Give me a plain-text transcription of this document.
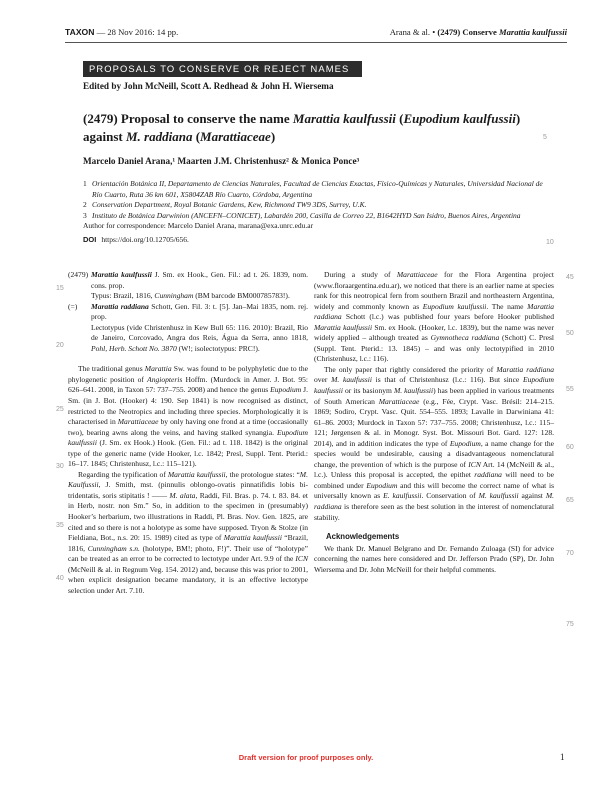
TAXON — 28 Nov 2016: 14 pp.	Arana & al. • (2479) Conserve Marattia kaulfussii
PROPOSALS TO CONSERVE OR REJECT NAMES
Edited by John McNeill, Scott A. Redhead & John H. Wiersema
(2479) Proposal to conserve the name Marattia kaulfussii (Eupodium kaulfussii)
against M. raddiana (Marattiaceae)	5
Marcelo Daniel Arana,¹ Maarten J.M. Christenhusz² & Monica Ponce³
1 Orientación Botánica II, Departamento de Ciencias Naturales, Facultad de Ciencias Exactas, Físico-Químicas y Naturales, Universidad Nacional de Río Cuarto, Ruta 36 km 601, X5804ZAB Río Cuarto, Córdoba, Argentina
2 Conservation Department, Royal Botanic Gardens, Kew, Richmond TW9 3DS, Surrey, U.K.
3 Instituto de Botánica Darwinion (ANCEFN–CONICET), Labardén 200, Casilla de Correo 22, B1642HYD San Isidro, Buenos Aires, Argentina
Author for correspondence: Marcelo Daniel Arana, marana@exa.unrc.edu.ar
DOI https://doi.org/10.12705/656.	10
15
20
25
30
35
40
45
50
55
60
65
70
75
(2479) Marattia kaulfussii J. Sm. ex Hook., Gen. Fil.: ad t. 26. 1839, nom. cons. prop.
Typus: Brazil, 1816, Cunningham (BM barcode BM000785783!).
(=) Marattia raddiana Schott, Gen. Fil. 3: t. [5]. Jan–Mai 1835, nom. rej. prop.
Lectotypus (vide Christenhusz in Kew Bull 65: 116. 2010): Brazil, Rio de Janeiro, Corcovado, Angra dos Reis, Água da Serra, anno 1818, Pohl, Herb. Schott No. 3870 (W!; isolectotypus: PRC!).
The traditional genus Marattia Sw. was found to be polyphyletic due to the phylogenetic position of Angiopteris Hoffm. (Murdock in Amer. J. Bot. 95: 626–641. 2008, in Taxon 57: 737–755. 2008) and hence the genus Eupodium J. Sm. (in J. Bot. (Hooker) 4: 190. Sep 1841) is now recognised as distinct, restricted to the Neotropics and including three species. Morphologically it is characterised in Marattiaceae by only having one frond at a time (occasionally two), bearing awns along the veins, and having stalked synangia. Eupodium kaulfussii (J. Sm. ex Hook.) Hook. (Gen. Fil.: ad t. 118. 1842) is the original type of the generic name (vide Hooker, l.c. 1842; Presl, Suppl. Tent. Pterid.: 16–17. 1845; Christenhusz, l.c.: 115–121).
Regarding the typification of Marattia kaulfussii, the protologue states: “M. Kaulfussii, J. Smith, mst. (pinnulis oblongo-ovatis pinnatifidis lobis bi-tridentatis, soris stipitatis ! —— M. alata, Raddi, Fil. Bras. p. 74. t. 83. 84. et in Herb, nostr. non Sm.” So, in addition to the specimen in (presumably) Hooker’s herbarium, two illustrations in Raddi, Pl. Bras. Nov. Gen. 1825, are cited and so there is not a holotype as some have supposed. Tryon & Stolze (in Fieldiana, Bot., n.s. 20: 15. 1989) cited as type of Marattia kaulfussii “Brazil, 1816, Cunningham s.n. (holotype, BM!; photo, F!)”. Their use of “holotype” can be treated as an error to be corrected to lectotype under Art. 9.9 of the ICN (McNeill & al. in Regnum Veg. 154. 2012) and, because this was prior to 2001, when explicit designation became mandatory, it is an effective lectotype selection under Art. 7.10.
During a study of Marattiaceae for the Flora Argentina project (www.floraargentina.edu.ar), we noticed that there is an earlier name at species rank for this neotropical fern from southern Brazil and northeastern Argentina, widely and commonly known as Eupodium kaulfussii. The name Marattia raddiana Schott (l.c.) was published four years before Hooker published Marattia kaulfussii Sm. ex Hook. (Hooker, l.c. 1839), but the name was never widely applied – although treated as Gymnotheca raddiana (Schott) C. Presl (Suppl. Tent. Pterid.: 13. 1845) – and was only lectotypified in 2010 (Christenhusz, l.c.: 116).
The only paper that rightly considered the priority of Marattia raddiana over M. kaulfussii is that of Christenhusz (l.c.: 116). But since Eupodium kaulfussii or its basionym M. kaulfussii) has been applied in various treatments of South American Marattiaceae (e.g., Fée, Crypt. Vasc. Brésil: 214–215. 1869; Sodiro, Crypt. Vasc. Quit. 554–555. 1893; Lavalle in Darwiniana 41: 61–86. 2003; Murdock in Taxon 57: 737–755. 2008; Christenhusz, l.c.: 115–121; Jørgensen & al. in Monogr. Syst. Bot. Missouri Bot. Gard. 127: 128. 2014), and in addition indicates the type of Eupodium, a name change for the species would be undesirable, causing a disadvantageous nomenclatural change, the prevention of which is the purpose of ICN Art. 14 (McNeill & al., l.c.). Unless this proposal is accepted, the epithet raddiana will need to be combined under Eupodium and this will become the correct name of what is universally known as E. kaulfussii. Conservation of M. kaulfussii against M. raddiana is therefore seen as the best solution in the interest of nomenclatural stability.
Acknowledgements
We thank Dr. Manuel Belgrano and Dr. Fernando Zuloaga (SI) for advice concerning the names here considered and Dr. Jefferson Prado (SP), Dr. John Wiersema and Dr. John McNeill for their helpful comments.
Draft version for proof purposes only.	1
